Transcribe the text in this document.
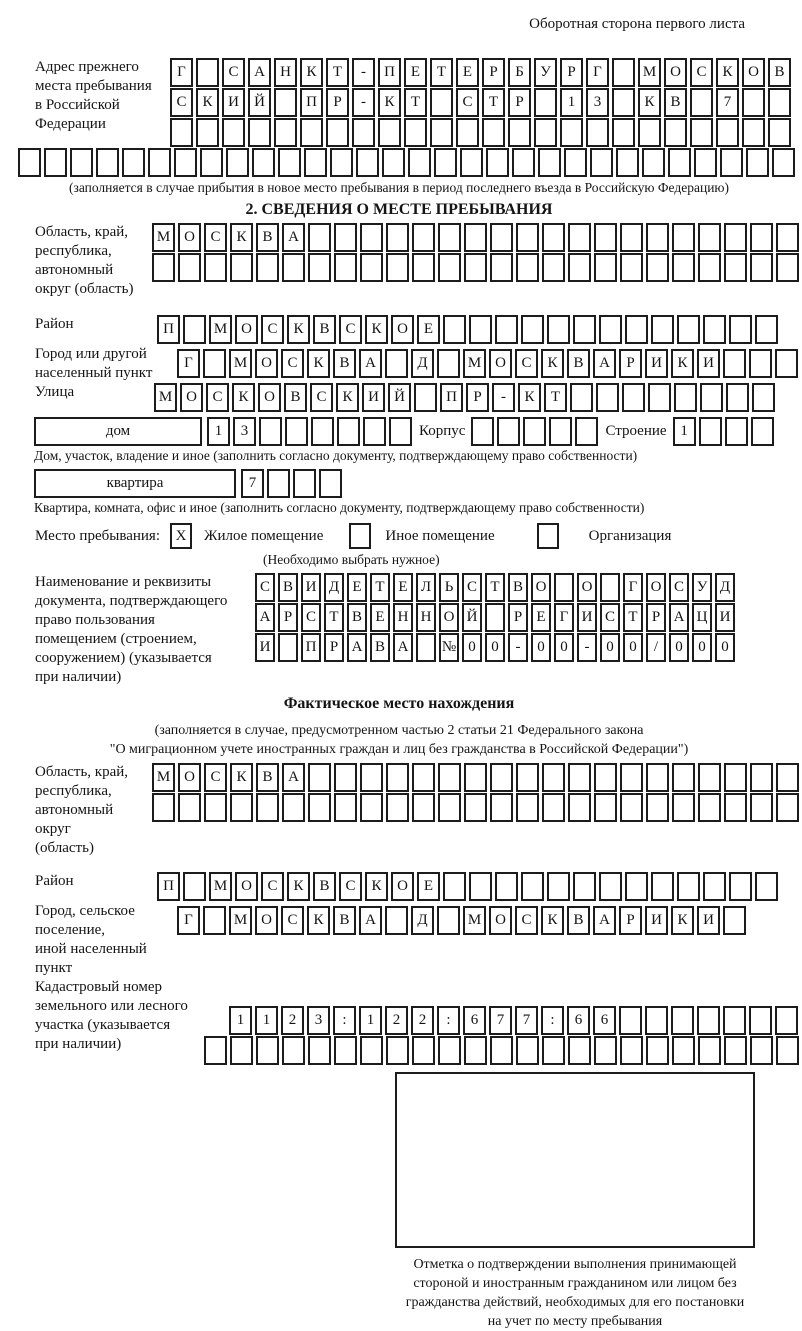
Оборотная сторона первого листа
Адрес прежнего
места пребывания
в Российской
Федерации
Г	С А Н К Т - П Е Т Е Р Б У Р Г	М О С К О В
С К И Й	П Р - К Т	С Т Р	1 3	К В	7
(заполняется в случае прибытия в новое место пребывания в период последнего въезда в Российскую Федерацию)
2. СВЕДЕНИЯ О МЕСТЕ ПРЕБЫВАНИЯ
Область, край,
республика,
автономный
округ (область)
М О С К В А
Район	П	М О С К В С К О Е
Город или другой
населенный пункт
Г	М О С К В А	Д	М О С К В А Р И К И
Улица	М О С К О В С К И Й	П Р - К Т
дом	1 3	Корпус	Строение 1
Дом, участок, владение и иное (заполнить согласно документу, подтверждающему право собственности)
квартира	7
Квартира, комната, офис и иное (заполнить согласно документу, подтверждающему право собственности)
Место пребывания:	X	Жилое помещение	Иное помещение	Организация
(Необходимо выбрать нужное)
Наименование и реквизиты
документа, подтверждающего
право пользования
помещением (строением,
сооружением) (указывается
при наличии)
С В И Д Е Т Е Л Ь С Т В О О Г О С У Д
А Р С Т В Е Н Н О Й Р Е Г И С Т Р А Ц И
И П Р А В А № 0 0 - 0 0 - 0 0 / 0 0 0
Фактическое место нахождения
(заполняется в случае, предусмотренном частью 2 статьи 21 Федерального закона
"О миграционном учете иностранных граждан и лиц без гражданства в Российской Федерации")
Область, край,
республика,
автономный округ
(область)
М О С К В А
Район	П	М О С К В С К О Е
Город, сельское поселение,
иной населенный пункт
Г	М О С К В А	Д	М О С К В А Р И К И
Кадастровый номер
земельного или лесного
участка (указывается
при наличии)
1 1 2 3 : 1 2 2 : 6 7 7 : 6 6
Отметка о подтверждении выполнения принимающей
стороной и иностранным гражданином или лицом без
гражданства действий, необходимых для его постановки
на учет по месту пребывания
